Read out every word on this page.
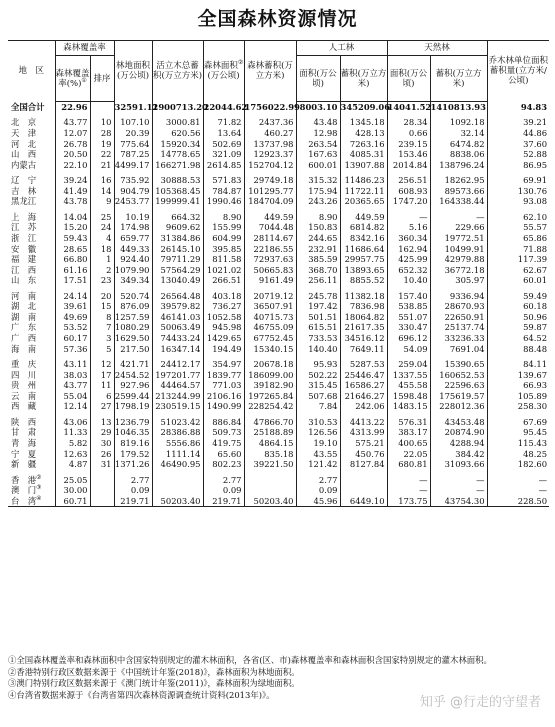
全国森林资源情况
地　区	森林覆盖率		林地面积(万公顷)	活立木总蓄积(万立方米)	森林面积②
(万公顷)	森林蓄积(万立方米)	人工林		天然林		乔木林单位面积蓄积量(立方米/公顷)
	森林覆盖率(%)①	排序					面积(万公顷)	蓄积(万立方米)	面积(万公顷)	蓄积(万立方米)	
全国合计	22.96		32591.12	1900713.20	22044.62	1756022.99	8003.10	345209.06	14041.52	1410813.93	94.83

北　京	43.77	10	107.10	3000.81	71.82	2437.36	43.48	1345.18	28.34	1092.18	39.21
天　津	12.07	28	20.39	620.56	13.64	460.27	12.98	428.13	0.66	32.14	44.86
河　北	26.78	19	775.64	15920.34	502.69	13737.98	263.54	7263.16	239.15	6474.82	37.60
山　西	20.50	22	787.25	14778.65	321.09	12923.37	167.63	4085.31	153.46	8838.06	52.88
内蒙古	22.10	21	4499.17	166271.98	2614.85	152704.12	600.01	13907.88	2014.84	138796.24	86.95

辽　宁	39.24	16	735.92	30888.53	571.83	29749.18	315.32	11486.23	256.51	18262.95	69.91
吉　林	41.49	14	904.79	105368.45	784.87	101295.77	175.94	11722.11	608.93	89573.66	130.76
黑龙江	43.78	9	2453.77	199999.41	1990.46	184704.09	243.26	20365.65	1747.20	164338.44	93.08

上　海	14.04	25	10.19	664.32	8.90	449.59	8.90	449.59	—	—	62.10
江　苏	15.20	24	174.98	9609.62	155.99	7044.48	150.83	6814.82	5.16	229.66	55.57
浙　江	59.43	4	659.77	31384.86	604.99	28114.67	244.65	8342.16	360.34	19772.51	65.86
安　徽	28.65	18	449.33	26145.10	395.85	22186.55	232.91	11686.64	162.94	10499.91	71.88
福　建	66.80	1	924.40	79711.29	811.58	72937.63	385.59	29957.75	425.99	42979.88	117.39
江　西	61.16	2	1079.90	57564.29	1021.02	50665.83	368.70	13893.65	652.32	36772.18	62.67
山　东	17.51	23	349.34	13040.49	266.51	9161.49	256.11	8855.52	10.40	305.97	60.01

河　南	24.14	20	520.74	26564.48	403.18	20719.12	245.78	11382.18	157.40	9336.94	59.49
湖　北	39.61	15	876.09	39579.82	736.27	36507.91	197.42	7836.98	538.85	28670.93	60.18
湖　南	49.69	8	1257.59	46141.03	1052.58	40715.73	501.51	18064.82	551.07	22650.91	50.96
广　东	53.52	7	1080.29	50063.49	945.98	46755.09	615.51	21617.35	330.47	25137.74	59.87
广　西	60.17	3	1629.50	74433.24	1429.65	67752.45	733.53	34516.12	696.12	33236.33	64.52
海　南	57.36	5	217.50	16347.14	194.49	15340.15	140.40	7649.11	54.09	7691.04	88.48

重　庆	43.11	12	421.71	24412.17	354.97	20678.18	95.93	5287.53	259.04	15390.65	84.11
四　川	38.03	17	2454.52	197201.77	1839.77	186099.00	502.22	25446.47	1337.55	160652.53	139.67
贵　州	43.77	11	927.96	44464.57	771.03	39182.90	315.45	16586.27	455.58	22596.63	66.93
云　南	55.04	6	2599.44	213244.99	2106.16	197265.84	507.68	21646.27	1598.48	175619.57	105.89
西　藏	12.14	27	1798.19	230519.15	1490.99	228254.42	7.84	242.06	1483.15	228012.36	258.30

陕　西	43.06	13	1236.79	51023.42	886.84	47866.70	310.53	4413.22	576.31	43453.48	67.69
甘　肃	11.33	29	1046.35	28386.88	509.73	25188.89	126.56	4313.99	383.17	20874.90	95.45
青　海	5.82	30	819.16	5556.86	419.75	4864.15	19.10	575.21	400.65	4288.94	115.43
宁　夏	12.63	26	179.52	1111.14	65.60	835.18	43.55	450.76	22.05	384.42	48.25
新　疆	4.87	31	1371.26	46490.95	802.23	39221.50	121.42	8127.84	680.81	31093.66	182.60

香　港②	25.05		2.77		2.77		2.77		—	—	—
澳　门③	30.00		0.09		0.09		0.09		—	—	—
台　湾④	60.71		219.71	50203.40	219.71	50203.40	45.96	6449.10	173.75	43754.30	228.50
①全国森林覆盖率和森林面积中含国家特别规定的灌木林面积，各省(区、市)森林覆盖率和森林面积含国家特别规定的灌木林面积。
②香港特别行政区数据来源于《中国统计年鉴(2018)》，森林面积为林地面积。
③澳门特别行政区数据来源于《澳门统计年鉴(2011)》，森林面积为绿地面积。
④台湾省数据来源于《台湾省第四次森林资源调查统计资料(2013年)》。
知乎 @行走的守望者
